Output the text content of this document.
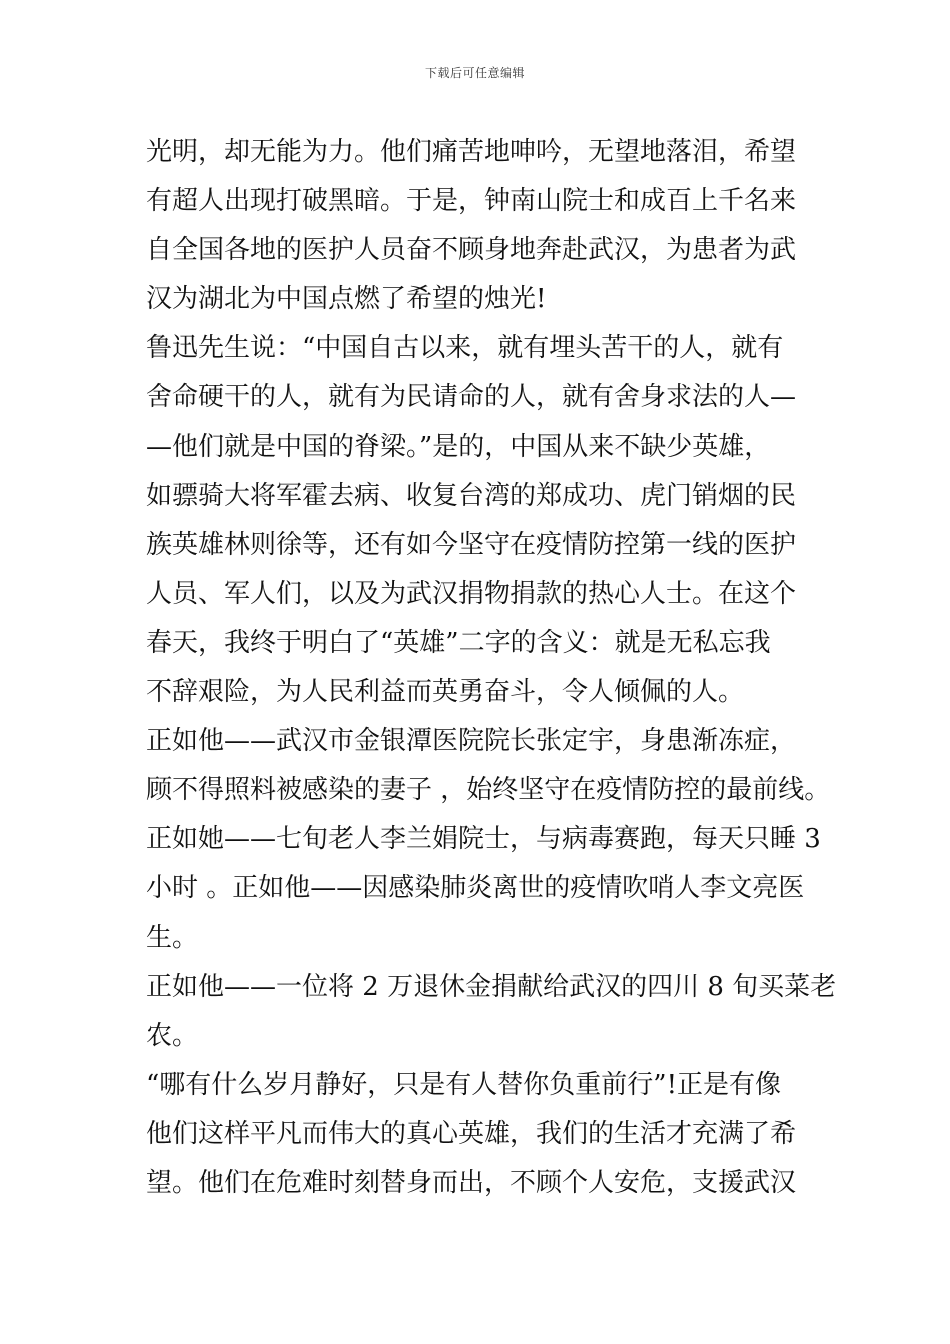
下载后可任意编辑
光明，却无能为力。他们痛苦地呻吟，无望地落泪，希望
有超人出现打破黑暗。于是，钟南山院士和成百上千名来
自全国各地的医护人员奋不顾身地奔赴武汉，为患者为武
汉为湖北为中国点燃了希望的烛光!
鲁迅先生说：“中国自古以来，就有埋头苦干的人，就有
舍命硬干的人，就有为民请命的人，就有舍身求法的人—
—他们就是中国的脊梁。”是的，中国从来不缺少英雄，
如骠骑大将军霍去病、收复台湾的郑成功、虎门销烟的民
族英雄林则徐等，还有如今坚守在疫情防控第一线的医护
人员、军人们，以及为武汉捐物捐款的热心人士。在这个
春天，我终于明白了“英雄”二字的含义：就是无私忘我
不辞艰险，为人民利益而英勇奋斗，令人倾佩的人。
正如他——武汉市金银潭医院院长张定宇，身患渐冻症，
顾不得照料被感染的妻子 ，始终坚守在疫情防控的最前线。
正如她——七旬老人李兰娟院士，与病毒赛跑，每天只睡 3
小时 。正如他——因感染肺炎离世的疫情吹哨人李文亮医
生。
正如他——一位将 2 万退休金捐献给武汉的四川 8 旬买菜老
农。
“哪有什么岁月静好，只是有人替你负重前行”!正是有像
他们这样平凡而伟大的真心英雄，我们的生活才充满了希
望。他们在危难时刻替身而出，不顾个人安危，支援武汉
